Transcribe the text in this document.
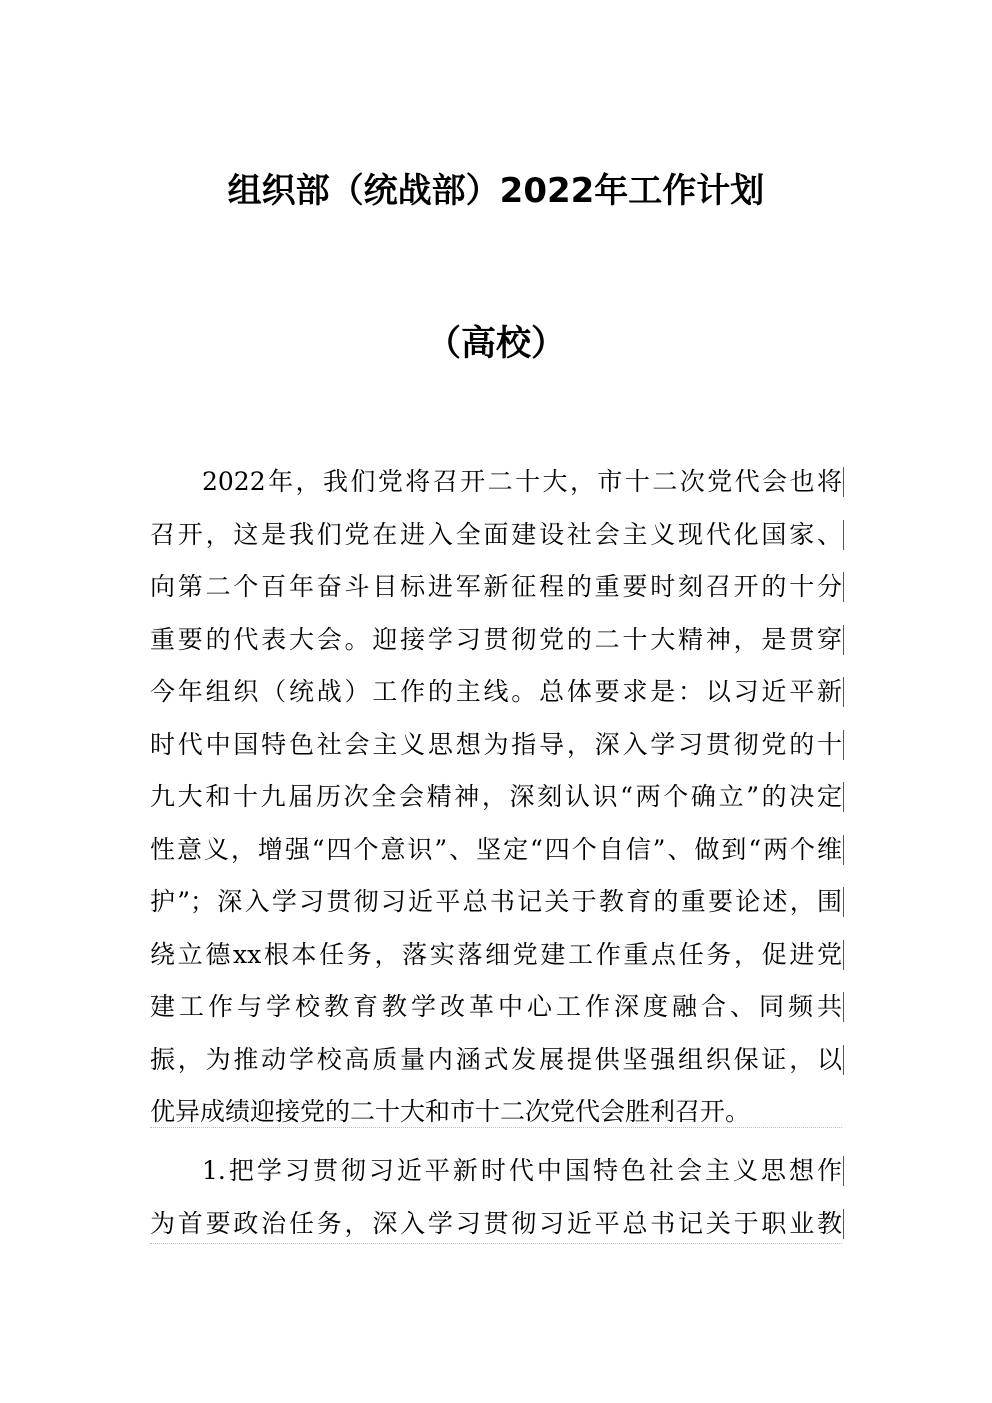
组织部（统战部）2022年工作计划
（高校）
2022年，我们党将召开二十大，市十二次党代会也将
召开，这是我们党在进入全面建设社会主义现代化国家、
向第二个百年奋斗目标进军新征程的重要时刻召开的十分
重要的代表大会。迎接学习贯彻党的二十大精神，是贯穿
今年组织（统战）工作的主线。总体要求是：以习近平新
时代中国特色社会主义思想为指导，深入学习贯彻党的十
九大和十九届历次全会精神，深刻认识“两个确立”的决定
性意义，增强“四个意识”、坚定“四个自信”、做到“两个维
护”；深入学习贯彻习近平总书记关于教育的重要论述，围
绕立德xx根本任务，落实落细党建工作重点任务，促进党
建工作与学校教育教学改革中心工作深度融合、同频共
振，为推动学校高质量内涵式发展提供坚强组织保证，以
优异成绩迎接党的二十大和市十二次党代会胜利召开。
1.把学习贯彻习近平新时代中国特色社会主义思想作
为首要政治任务，深入学习贯彻习近平总书记关于职业教
